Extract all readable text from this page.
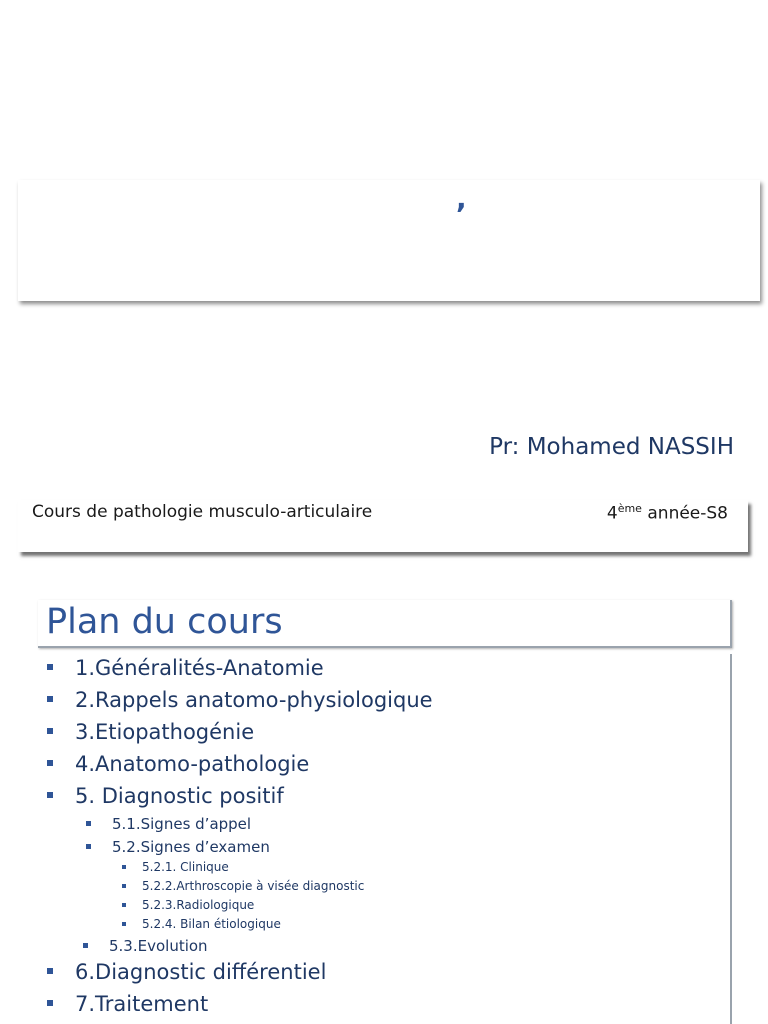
,
Pr: Mohamed NASSIH
Cours de pathologie musculo-articulaire	4ème année-S8
Plan du cours
1.Généralités-Anatomie
2.Rappels anatomo-physiologique
3.Etiopathogénie
4.Anatomo-pathologie
5. Diagnostic positif
5.1.Signes d’appel
5.2.Signes d’examen
5.2.1. Clinique
5.2.2.Arthroscopie à visée diagnostic
5.2.3.Radiologique
5.2.4. Bilan étiologique
5.3.Evolution
6.Diagnostic différentiel
7.Traitement
